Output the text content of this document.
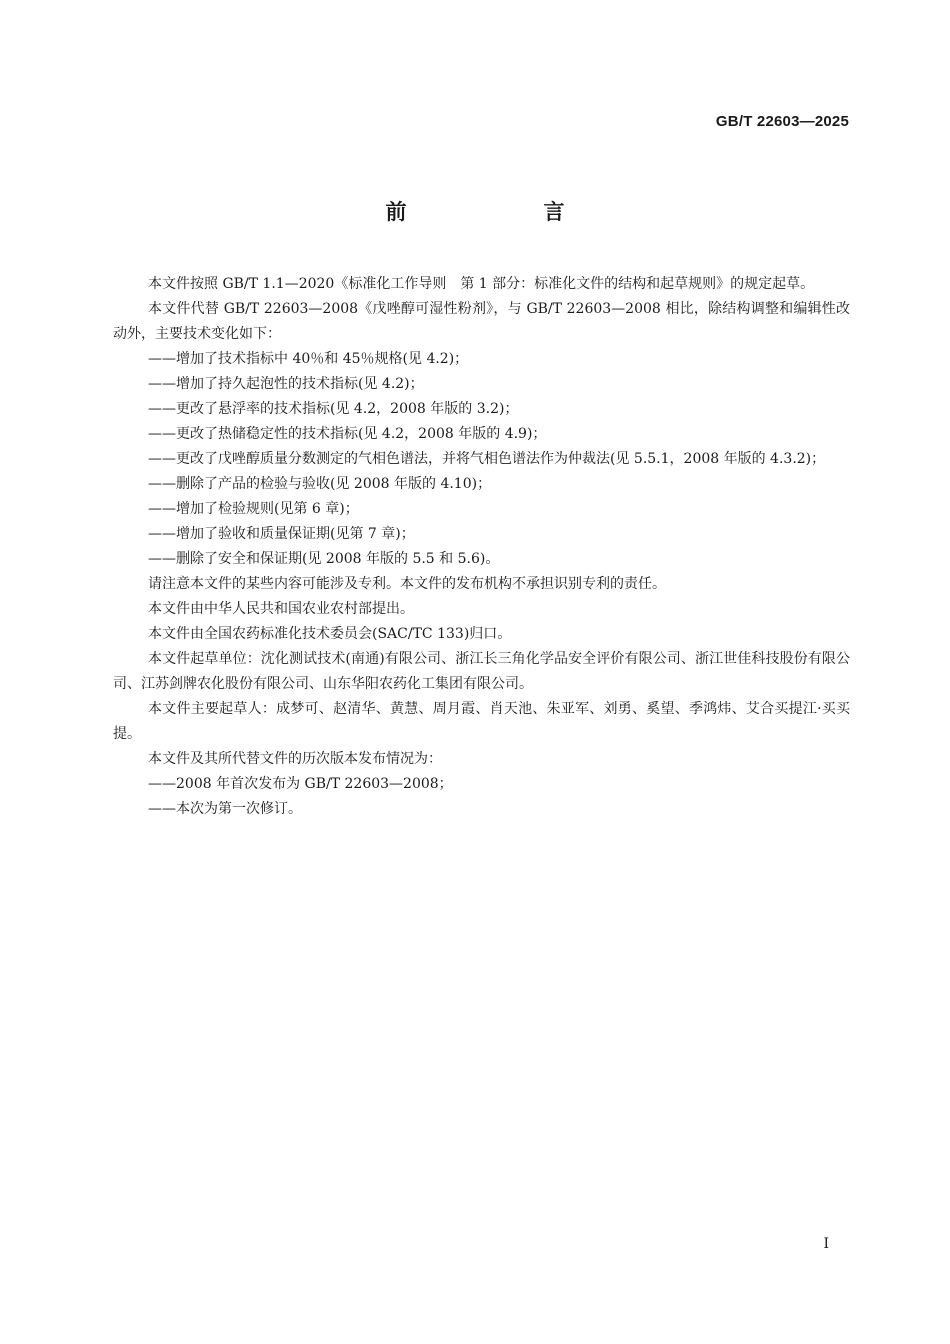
GB/T 22603—2025
前　言

本文件按照 GB/T 1.1—2020《标准化工作导则　第 1 部分：标准化文件的结构和起草规则》的规定起草。

本文件代替 GB/T 22603—2008《戊唑醇可湿性粉剂》，与 GB/T 22603—2008 相比，除结构调整和编辑性改动外，主要技术变化如下：

——增加了技术指标中 40％和 45％规格(见 4.2)；

——增加了持久起泡性的技术指标(见 4.2)；

——更改了悬浮率的技术指标(见 4.2，2008 年版的 3.2)；

——更改了热储稳定性的技术指标(见 4.2，2008 年版的 4.9)；

——更改了戊唑醇质量分数测定的气相色谱法，并将气相色谱法作为仲裁法(见 5.5.1，2008 年版的 4.3.2)；

——删除了产品的检验与验收(见 2008 年版的 4.10)；

——增加了检验规则(见第 6 章)；

——增加了验收和质量保证期(见第 7 章)；

——删除了安全和保证期(见 2008 年版的 5.5 和 5.6)。

请注意本文件的某些内容可能涉及专利。本文件的发布机构不承担识别专利的责任。

本文件由中华人民共和国农业农村部提出。

本文件由全国农药标准化技术委员会(SAC/TC 133)归口。

本文件起草单位：沈化测试技术(南通)有限公司、浙江长三角化学品安全评价有限公司、浙江世佳科技股份有限公司、江苏剑牌农化股份有限公司、山东华阳农药化工集团有限公司。

本文件主要起草人：成梦可、赵清华、黄慧、周月霞、肖天池、朱亚军、刘勇、奚望、季鸿炜、艾合买提江·买买提。

本文件及其所代替文件的历次版本发布情况为：

——2008 年首次发布为 GB/T 22603—2008；

——本次为第一次修订。

I
